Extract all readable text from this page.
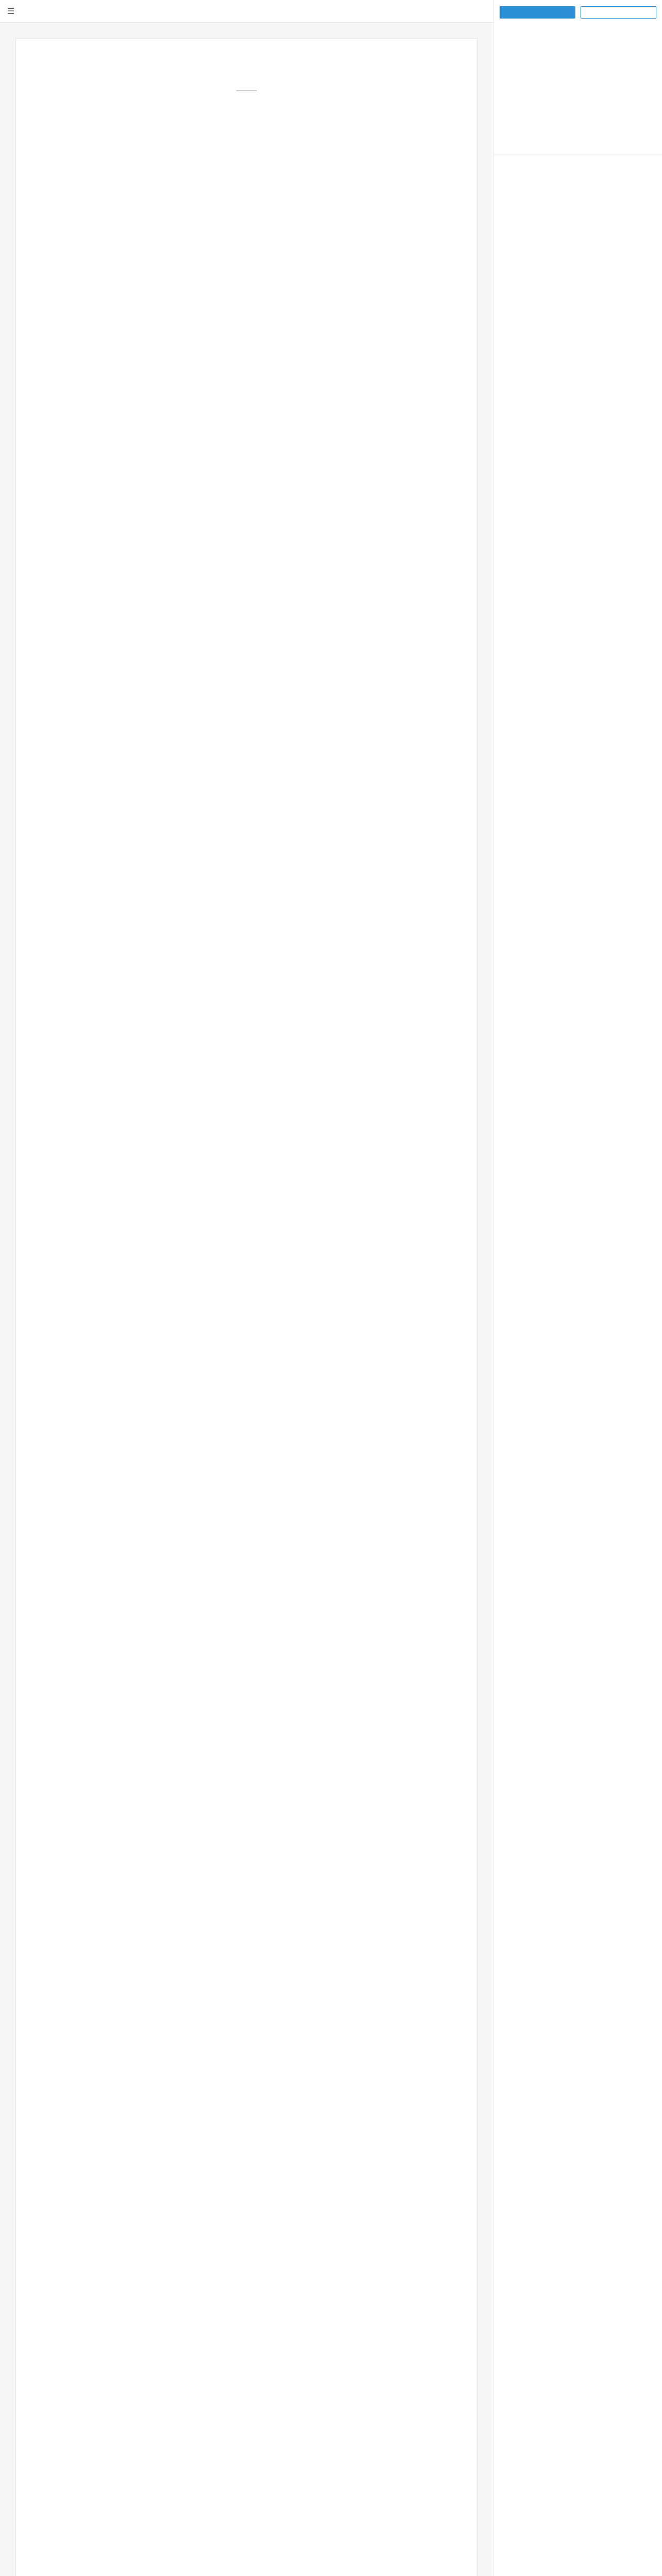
☰
